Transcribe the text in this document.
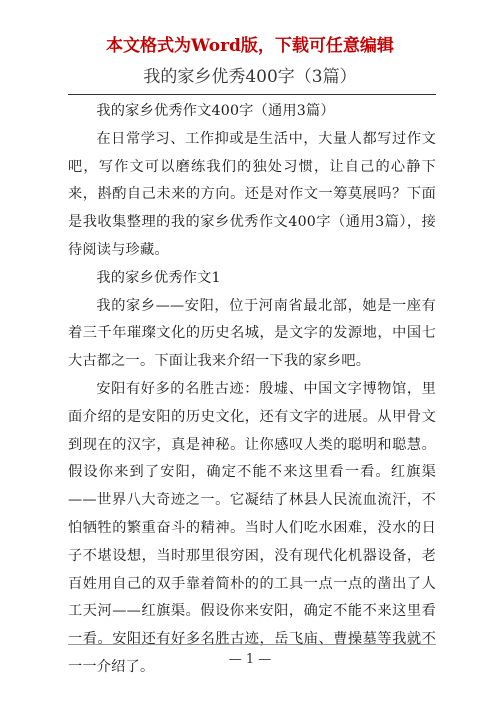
本文格式为Word版，下载可任意编辑
我的家乡优秀400字（3篇）

我的家乡优秀作文400字（通用3篇）

在日常学习、工作抑或是生活中，大量人都写过作文吧，写作文可以磨练我们的独处习惯，让自己的心静下来，斟酌自己未来的方向。还是对作文一筹莫展吗？下面是我收集整理的我的家乡优秀作文400字（通用3篇），接待阅读与珍藏。

我的家乡优秀作文1

我的家乡——安阳，位于河南省最北部，她是一座有着三千年璀璨文化的历史名城，是文字的发源地，中国七大古都之一。下面让我来介绍一下我的家乡吧。

安阳有好多的名胜古迹：殷墟、中国文字博物馆，里面介绍的是安阳的历史文化，还有文字的进展。从甲骨文到现在的汉字，真是神秘。让你感叹人类的聪明和聪慧。假设你来到了安阳，确定不能不来这里看一看。红旗渠——世界八大奇迹之一。它凝结了林县人民流血流汗，不怕牺牲的繁重奋斗的精神。当时人们吃水困难，没水的日子不堪设想，当时那里很穷困，没有现代化机器设备，老百姓用自己的双手靠着简朴的的工具一点一点的凿出了人工天河——红旗渠。假设你来安阳，确定不能不来这里看一看。安阳还有好多名胜古迹，岳飞庙、曹操墓等我就不一一介绍了。	— 1 —
